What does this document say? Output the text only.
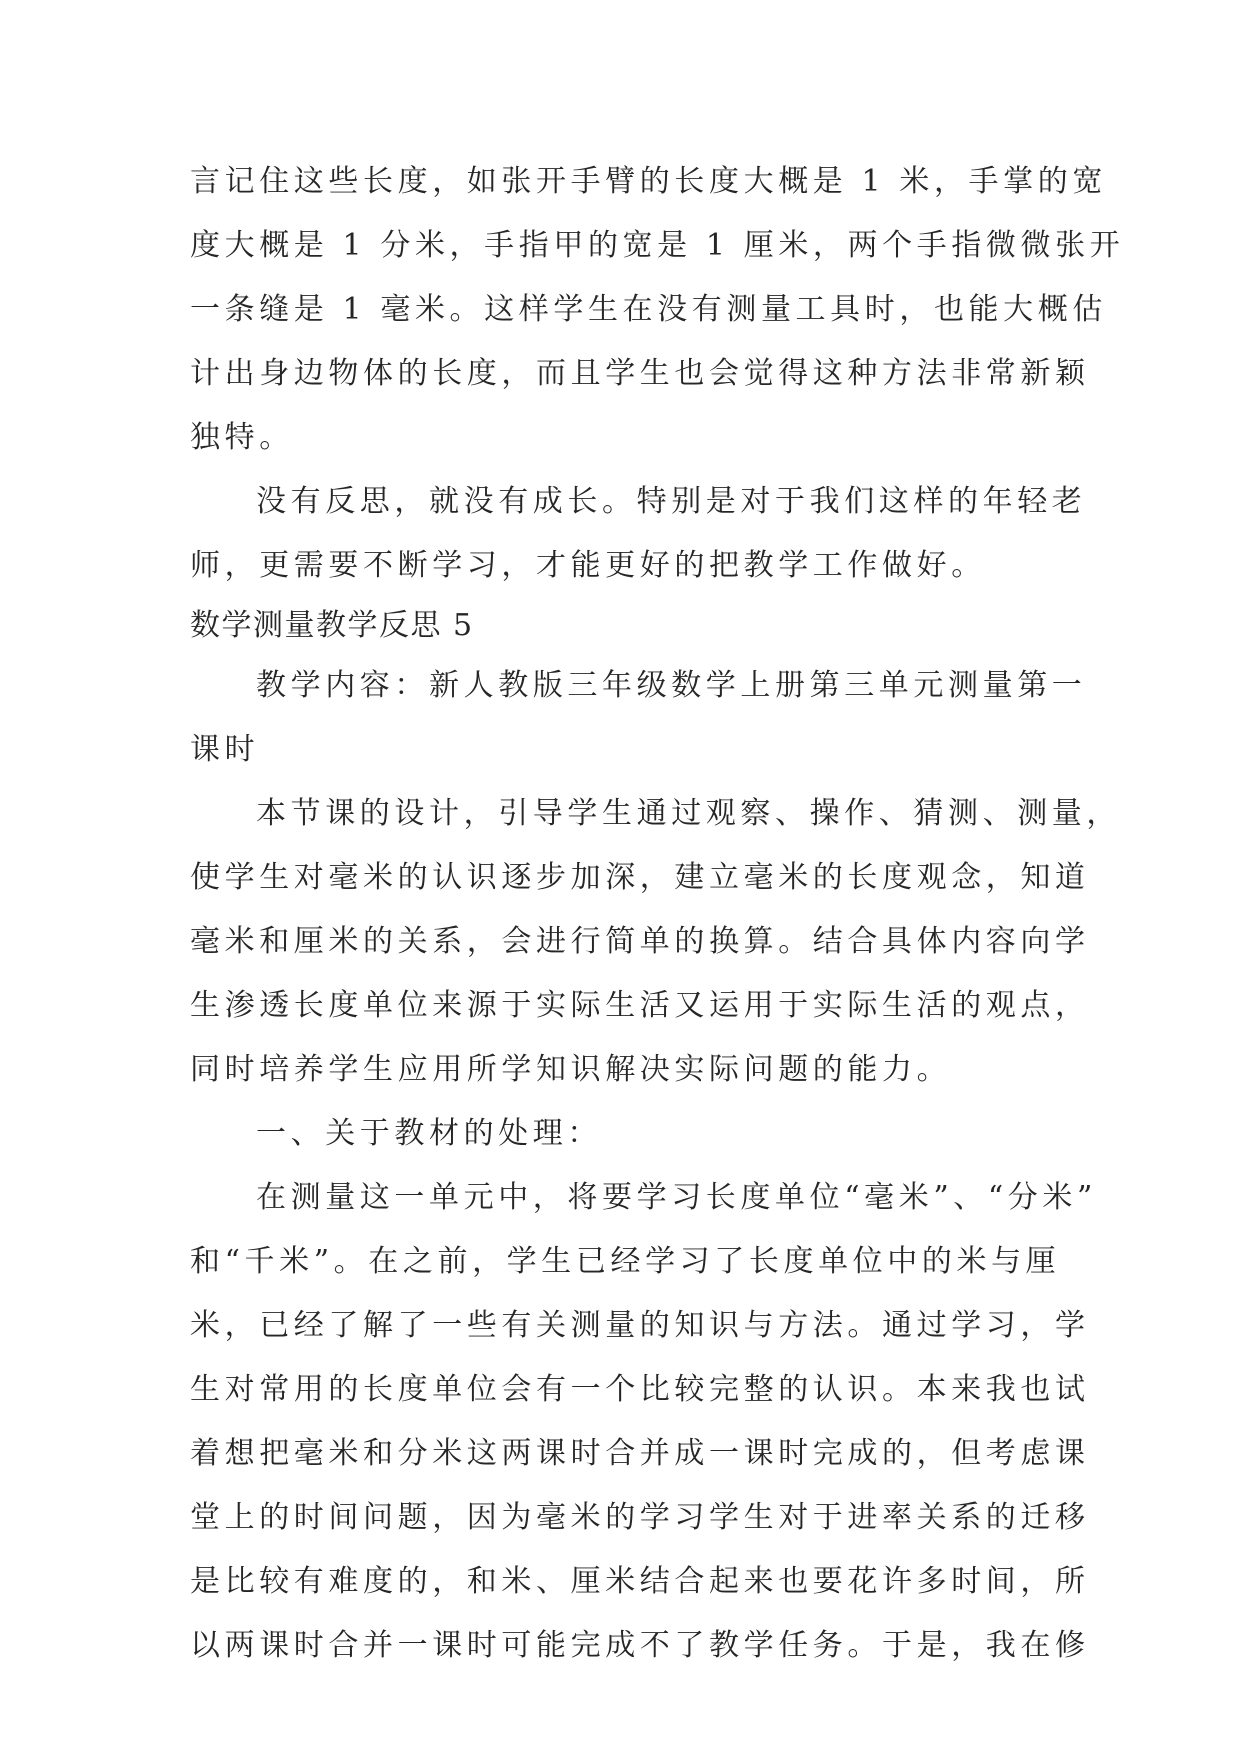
言记住这些长度，如张开手臂的长度大概是 1 米，手掌的宽
度大概是 1 分米，手指甲的宽是 1 厘米，两个手指微微张开
一条缝是 1 毫米。这样学生在没有测量工具时，也能大概估
计出身边物体的长度，而且学生也会觉得这种方法非常新颖
独特。
没有反思，就没有成长。特别是对于我们这样的年轻老
师，更需要不断学习，才能更好的把教学工作做好。
数学测量教学反思 5
教学内容：新人教版三年级数学上册第三单元测量第一
课时
本节课的设计，引导学生通过观察、操作、猜测、测量，
使学生对毫米的认识逐步加深，建立毫米的长度观念，知道
毫米和厘米的关系，会进行简单的换算。结合具体内容向学
生渗透长度单位来源于实际生活又运用于实际生活的观点，
同时培养学生应用所学知识解决实际问题的能力。
一、关于教材的处理：
在测量这一单元中，将要学习长度单位“毫米”、“分米”
和“千米”。在之前，学生已经学习了长度单位中的米与厘
米，已经了解了一些有关测量的知识与方法。通过学习，学
生对常用的长度单位会有一个比较完整的认识。本来我也试
着想把毫米和分米这两课时合并成一课时完成的，但考虑课
堂上的时间问题，因为毫米的学习学生对于进率关系的迁移
是比较有难度的，和米、厘米结合起来也要花许多时间，所
以两课时合并一课时可能完成不了教学任务。于是，我在修
